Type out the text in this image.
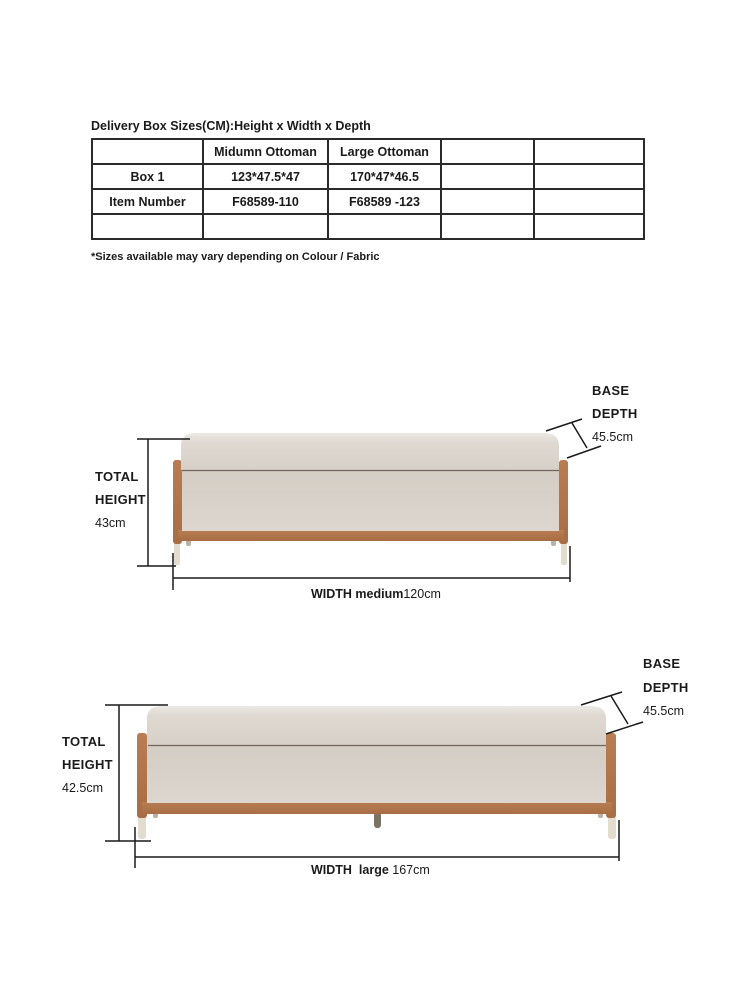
Delivery Box Sizes(CM):Height x Width x Depth
	Midumn Ottoman	Large Ottoman		
Box 1	123*47.5*47	170*47*46.5		
Item Number	F68589-110	F68589 -123		

*Sizes available may vary depending on Colour / Fabric
TOTAL
HEIGHT
43cm
BASE
DEPTH
45.5cm
WIDTH medium120cm
TOTAL
HEIGHT
42.5cm
BASE
DEPTH
45.5cm
WIDTH  large 167cm
